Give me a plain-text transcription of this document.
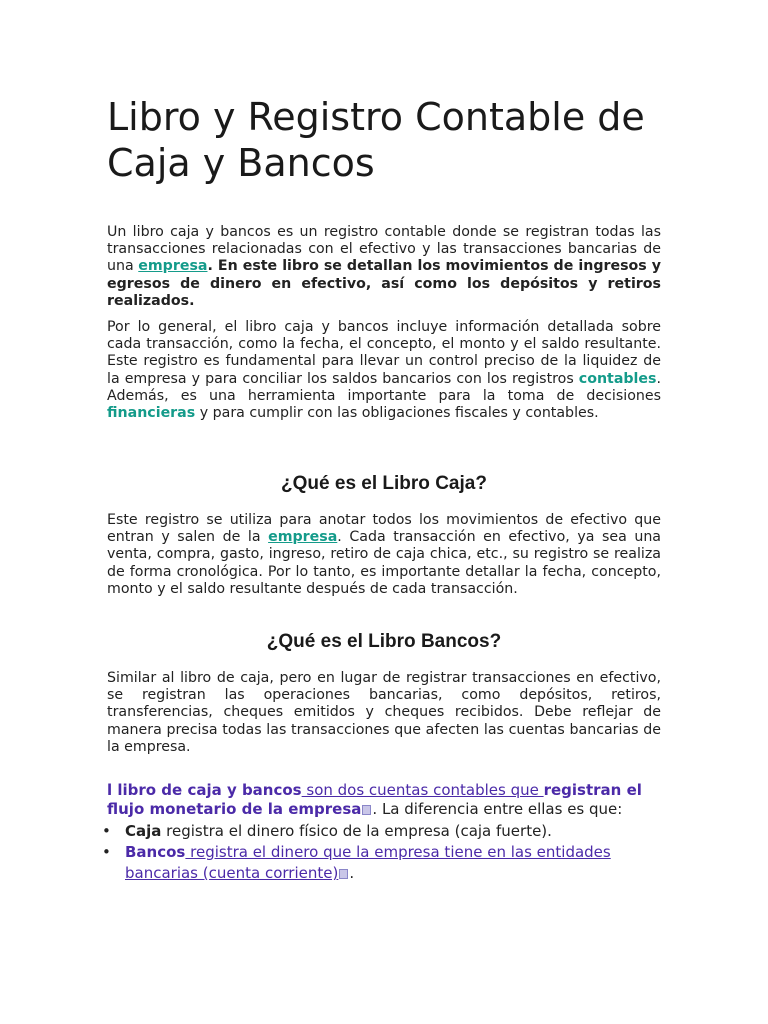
Libro y Registro Contable de Caja y Bancos

Un libro caja y bancos es un registro contable donde se registran todas las transacciones relacionadas con el efectivo y las transacciones bancarias de una empresa. En este libro se detallan los movimientos de ingresos y egresos de dinero en efectivo, así como los depósitos y retiros realizados.

Por lo general, el libro caja y bancos incluye información detallada sobre cada transacción, como la fecha, el concepto, el monto y el saldo resultante. Este registro es fundamental para llevar un control preciso de la liquidez de la empresa y para conciliar los saldos bancarios con los registros contables. Además, es una herramienta importante para la toma de decisiones financieras y para cumplir con las obligaciones fiscales y contables.

¿Qué es el Libro Caja?

Este registro se utiliza para anotar todos los movimientos de efectivo que entran y salen de la empresa. Cada transacción en efectivo, ya sea una venta, compra, gasto, ingreso, retiro de caja chica, etc., su registro se realiza de forma cronológica. Por lo tanto, es importante detallar la fecha, concepto, monto y el saldo resultante después de cada transacción.

¿Qué es el Libro Bancos?

Similar al libro de caja, pero en lugar de registrar transacciones en efectivo, se registran las operaciones bancarias, como depósitos, retiros, transferencias, cheques emitidos y cheques recibidos. Debe reflejar de manera precisa todas las transacciones que afecten las cuentas bancarias de la empresa.

l libro de caja y bancos son dos cuentas contables que registran el flujo monetario de la empresa . La diferencia entre ellas es que:

• Caja registra el dinero físico de la empresa (caja fuerte).
• Bancos registra el dinero que la empresa tiene en las entidades bancarias (cuenta corriente) .
